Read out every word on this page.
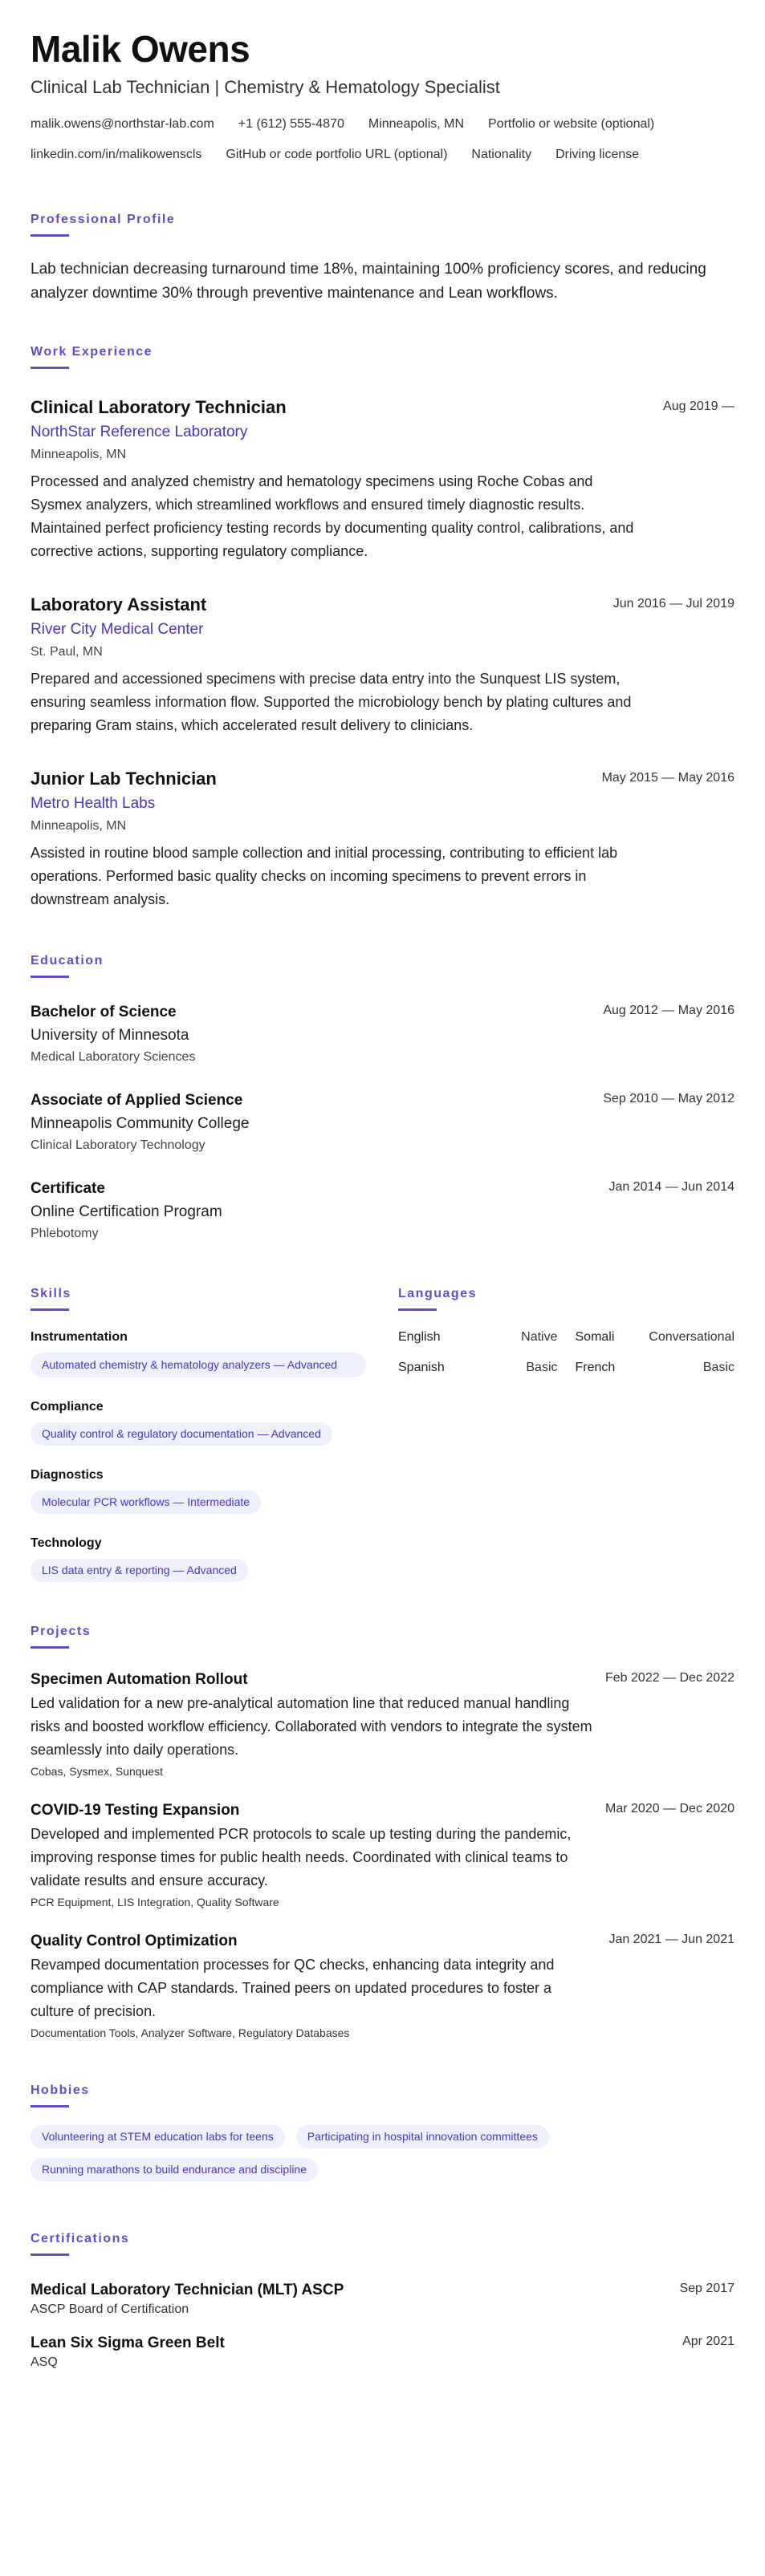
Malik Owens
Clinical Lab Technician | Chemistry & Hematology Specialist
malik.owens@northstar-lab.com +1 (612) 555-4870 Minneapolis, MN Portfolio or website (optional)
linkedin.com/in/malikowenscls GitHub or code portfolio URL (optional) Nationality Driving license
Professional Profile
Lab technician decreasing turnaround time 18%, maintaining 100% proficiency scores, and reducing analyzer downtime 30% through preventive maintenance and Lean workflows.
Work Experience
Clinical Laboratory Technician	Aug 2019 —
NorthStar Reference Laboratory
Minneapolis, MN
Processed and analyzed chemistry and hematology specimens using Roche Cobas and Sysmex analyzers, which streamlined workflows and ensured timely diagnostic results. Maintained perfect proficiency testing records by documenting quality control, calibrations, and corrective actions, supporting regulatory compliance.
Laboratory Assistant	Jun 2016 — Jul 2019
River City Medical Center
St. Paul, MN
Prepared and accessioned specimens with precise data entry into the Sunquest LIS system, ensuring seamless information flow. Supported the microbiology bench by plating cultures and preparing Gram stains, which accelerated result delivery to clinicians.
Junior Lab Technician	May 2015 — May 2016
Metro Health Labs
Minneapolis, MN
Assisted in routine blood sample collection and initial processing, contributing to efficient lab operations. Performed basic quality checks on incoming specimens to prevent errors in downstream analysis.
Education
Bachelor of Science	Aug 2012 — May 2016
University of Minnesota
Medical Laboratory Sciences
Associate of Applied Science	Sep 2010 — May 2012
Minneapolis Community College
Clinical Laboratory Technology
Certificate	Jan 2014 — Jun 2014
Online Certification Program
Phlebotomy
Skills
Instrumentation
Automated chemistry & hematology analyzers — Advanced
Compliance
Quality control & regulatory documentation — Advanced
Diagnostics
Molecular PCR workflows — Intermediate
Technology
LIS data entry & reporting — Advanced
Languages
English	Native Somali	Conversational
Spanish	Basic French	Basic
Projects
Specimen Automation Rollout	Feb 2022 — Dec 2022
Led validation for a new pre-analytical automation line that reduced manual handling risks and boosted workflow efficiency. Collaborated with vendors to integrate the system seamlessly into daily operations.
Cobas, Sysmex, Sunquest
COVID-19 Testing Expansion	Mar 2020 — Dec 2020
Developed and implemented PCR protocols to scale up testing during the pandemic, improving response times for public health needs. Coordinated with clinical teams to validate results and ensure accuracy.
PCR Equipment, LIS Integration, Quality Software
Quality Control Optimization	Jan 2021 — Jun 2021
Revamped documentation processes for QC checks, enhancing data integrity and compliance with CAP standards. Trained peers on updated procedures to foster a culture of precision.
Documentation Tools, Analyzer Software, Regulatory Databases
Hobbies
Volunteering at STEM education labs for teens	Participating in hospital innovation committees
Running marathons to build endurance and discipline
Certifications
Medical Laboratory Technician (MLT) ASCP	Sep 2017
ASCP Board of Certification
Lean Six Sigma Green Belt	Apr 2021
ASQ
